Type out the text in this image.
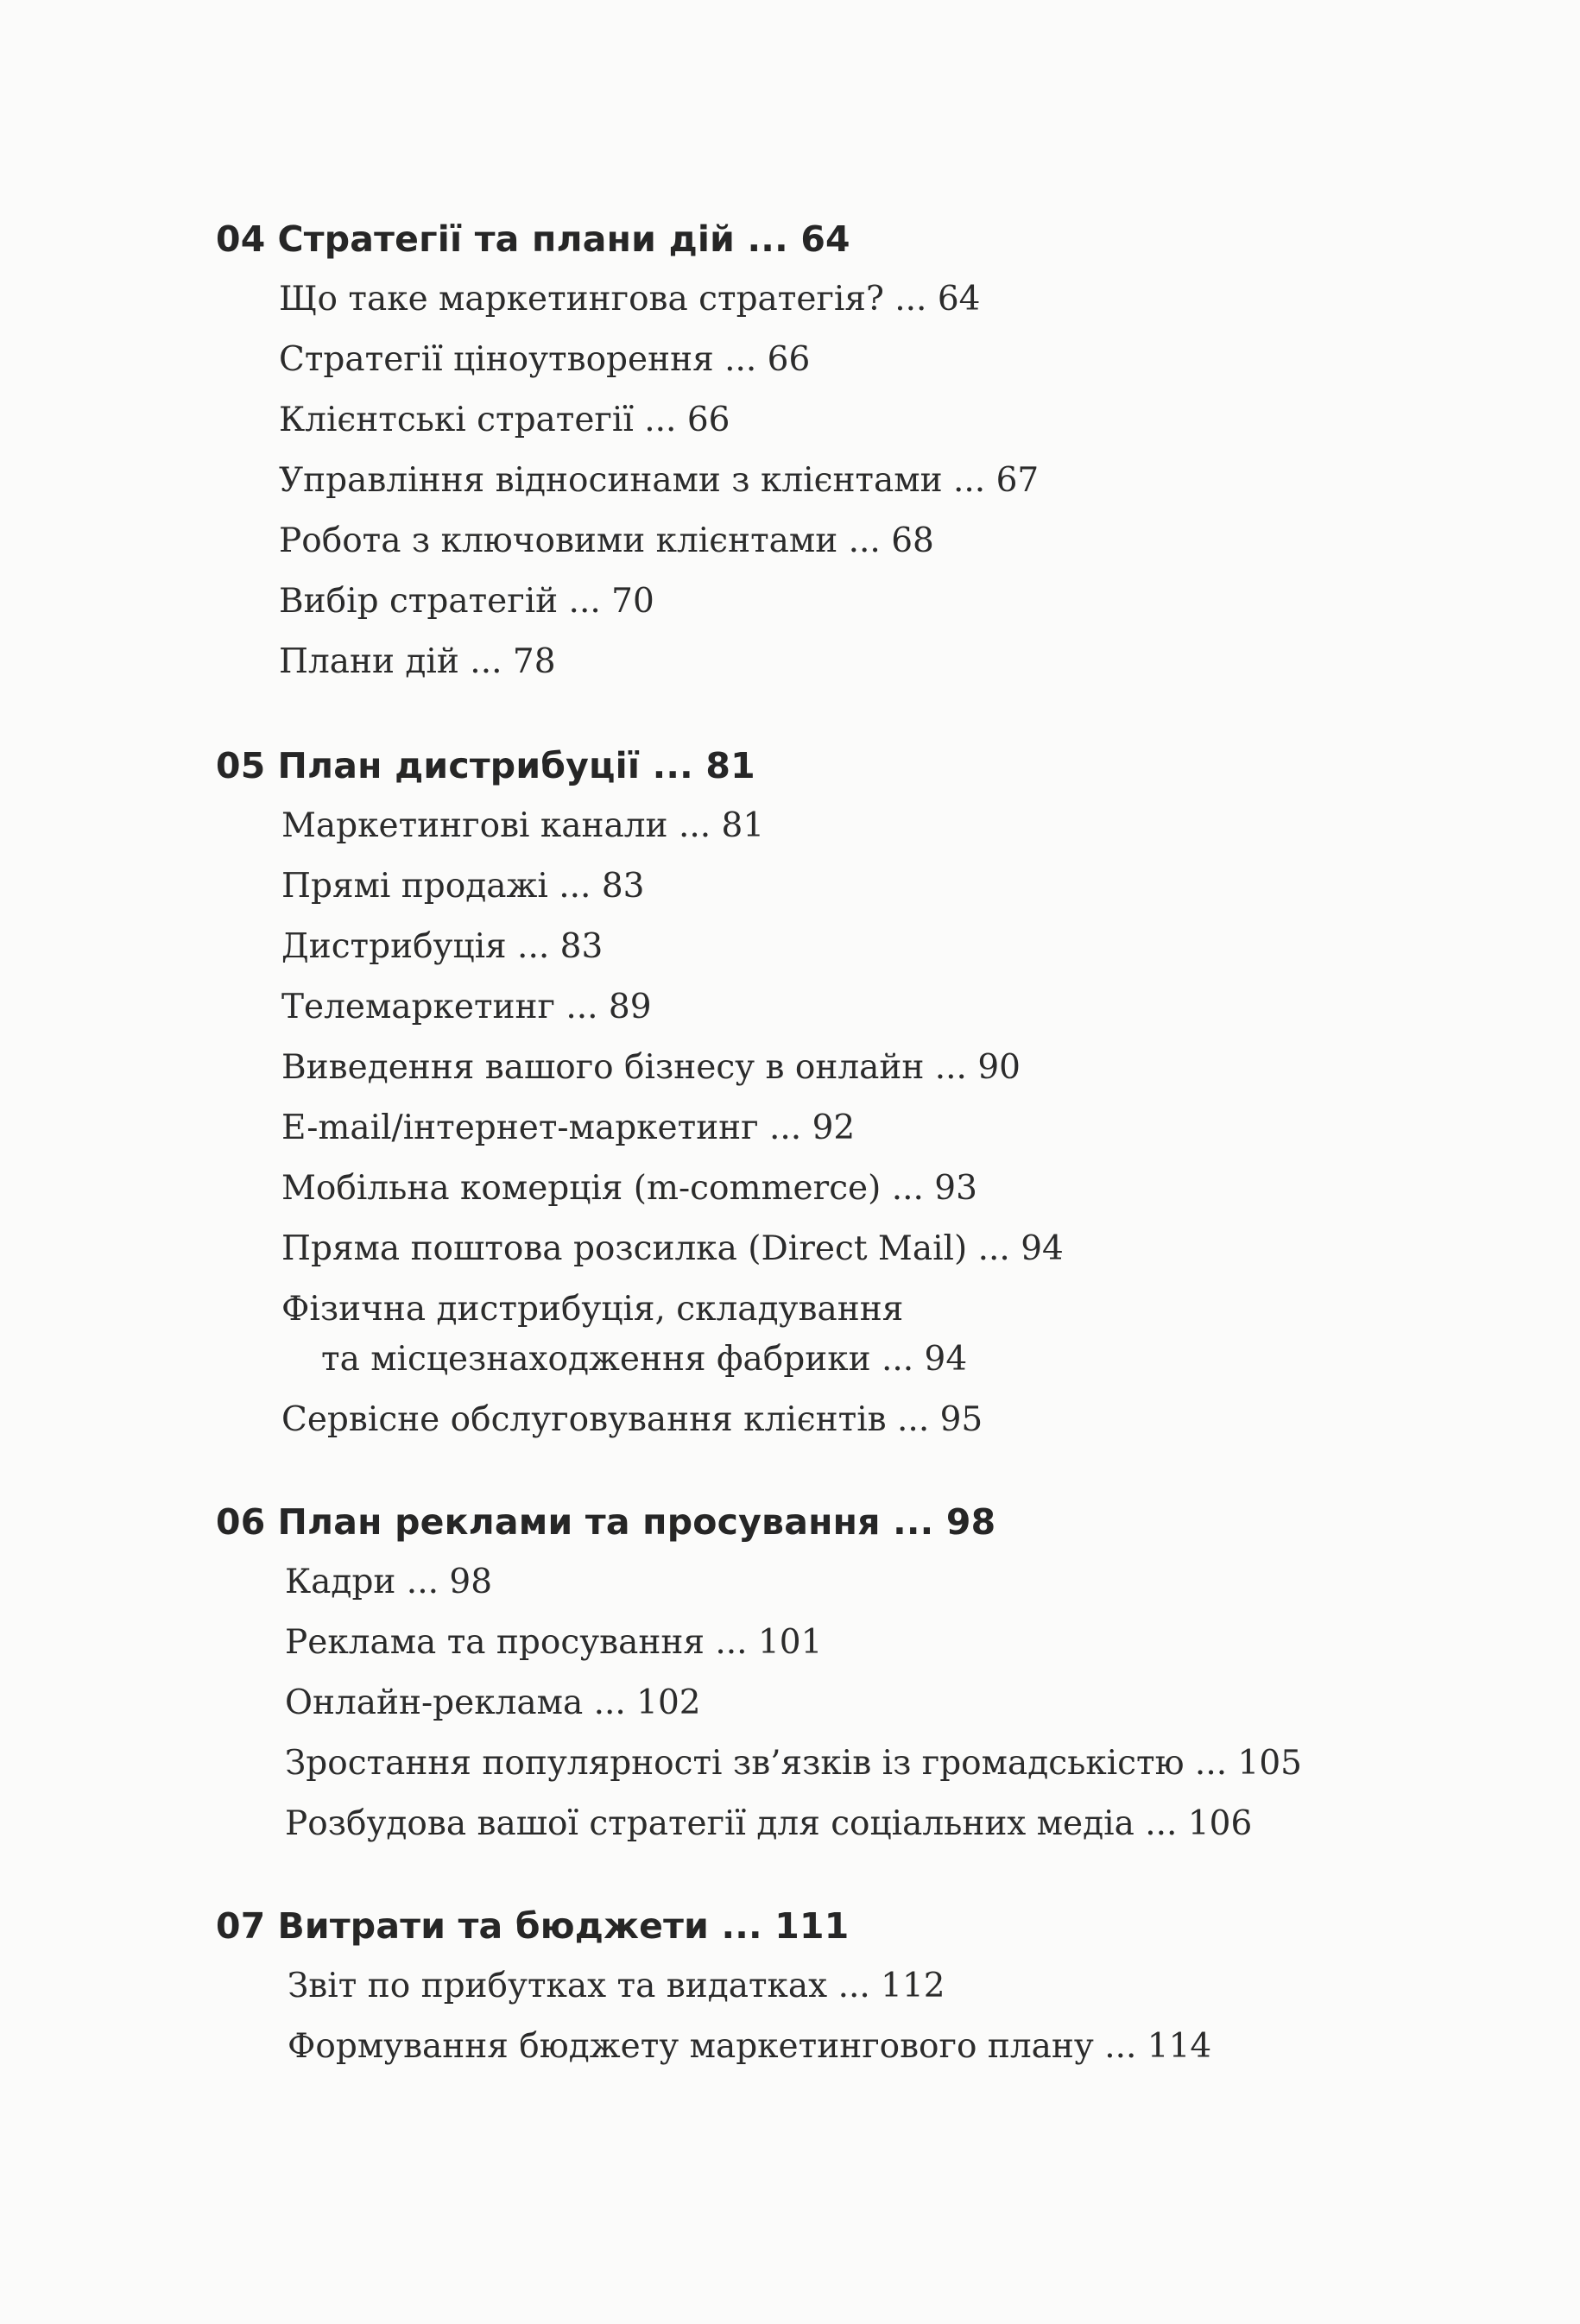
04 Стратегії та плани дій ... 64
Що таке маркетингова стратегія? ... 64
Стратегії ціноутворення ... 66
Клієнтські стратегії ... 66
Управління відносинами з клієнтами ... 67
Робота з ключовими клієнтами ... 68
Вибір стратегій ... 70
Плани дій ... 78
05 План дистрибуції ... 81
Маркетингові канали ... 81
Прямі продажі ... 83
Дистрибуція ... 83
Телемаркетинг ... 89
Виведення вашого бізнесу в онлайн ... 90
E-mail/інтернет-маркетинг ... 92
Мобільна комерція (m-commerce) ... 93
Пряма поштова розсилка (Direct Mail) ... 94
Фізична дистрибуція, складування
та місцезнаходження фабрики ... 94
Сервісне обслуговування клієнтів ... 95
06 План реклами та просування ... 98
Кадри ... 98
Реклама та просування ... 101
Онлайн-реклама ... 102
Зростання популярності зв’язків із громадськістю ... 105
Розбудова вашої стратегії для соціальних медіа ... 106
07 Витрати та бюджети ... 111
Звіт по прибутках та видатках ... 112
Формування бюджету маркетингового плану ... 114
